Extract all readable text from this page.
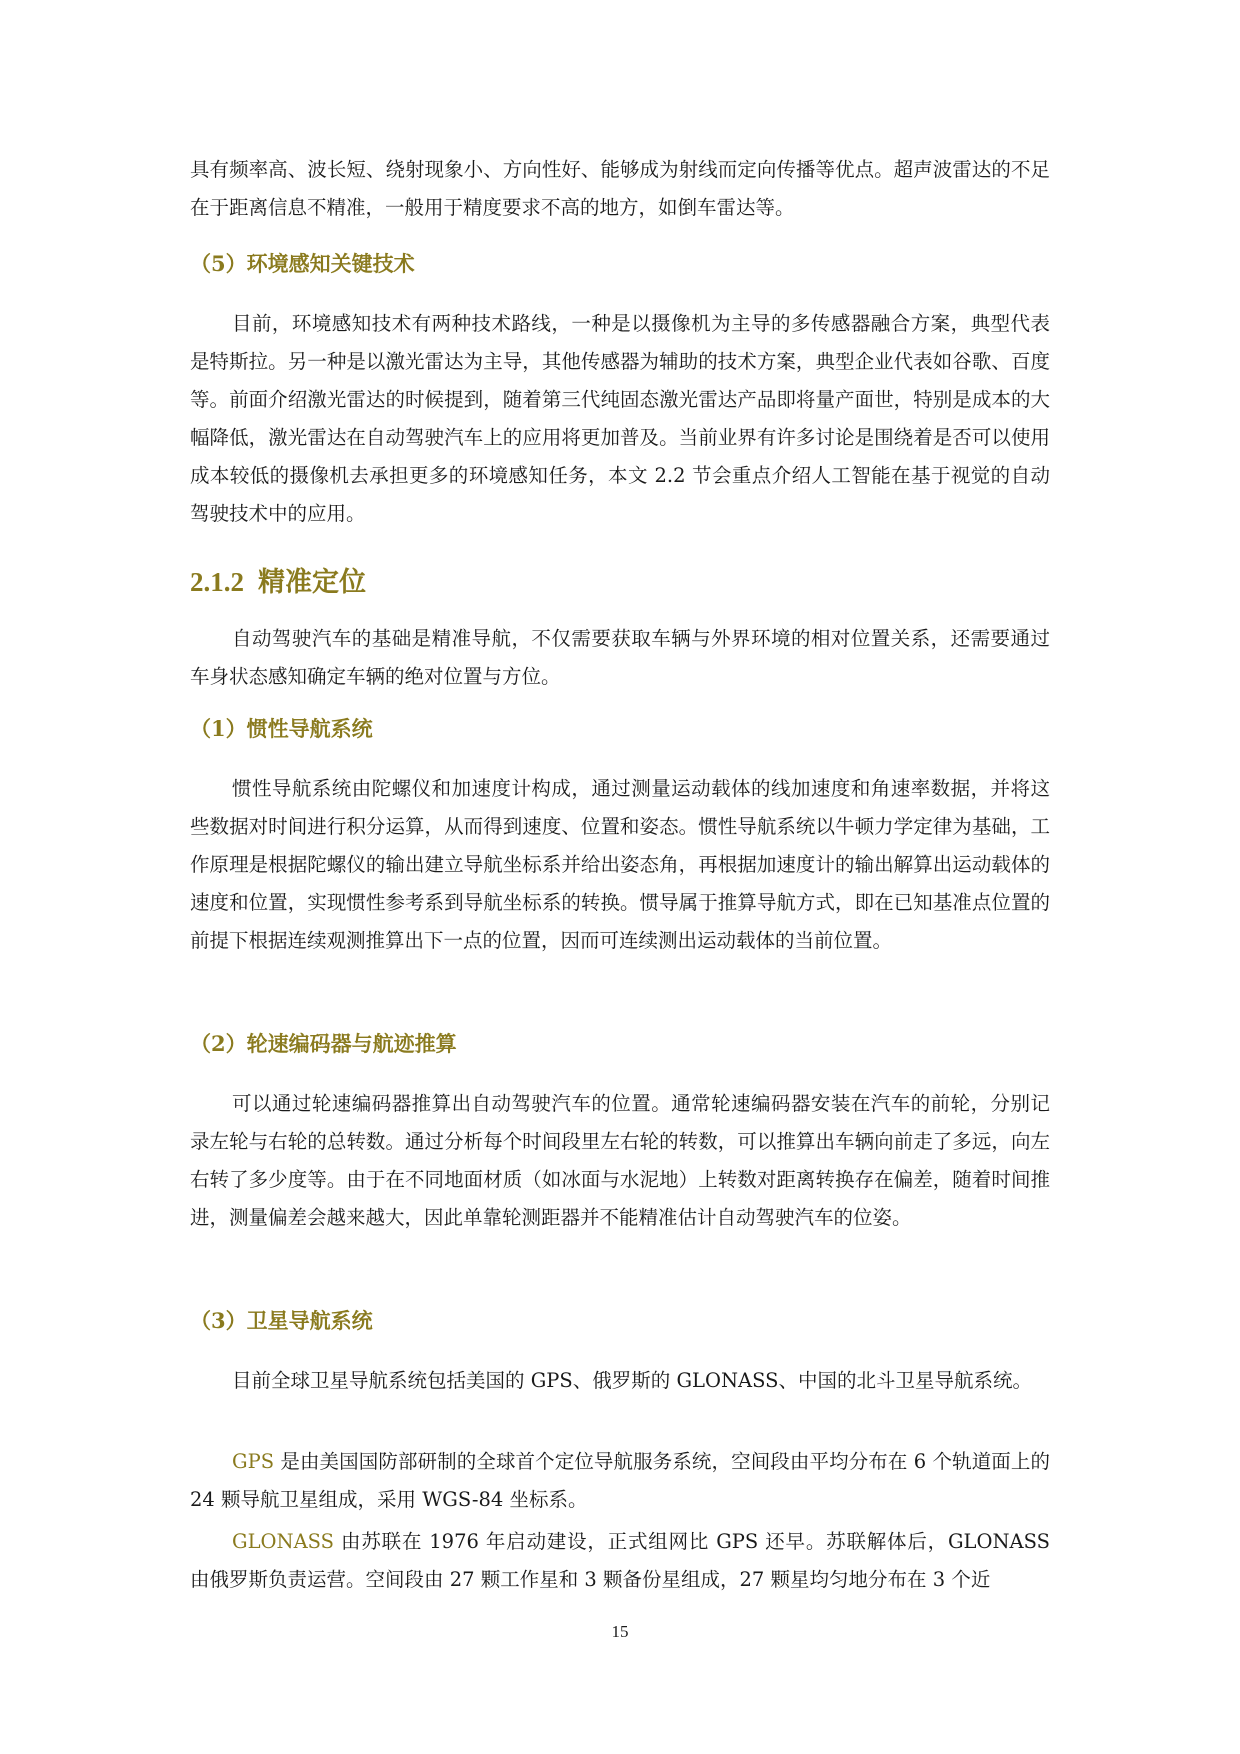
具有频率高、波长短、绕射现象小、方向性好、能够成为射线而定向传播等优点。超声波雷达的不足在于距离信息不精准，一般用于精度要求不高的地方，如倒车雷达等。

（5）环境感知关键技术

目前，环境感知技术有两种技术路线，一种是以摄像机为主导的多传感器融合方案，典型代表是特斯拉。另一种是以激光雷达为主导，其他传感器为辅助的技术方案，典型企业代表如谷歌、百度等。前面介绍激光雷达的时候提到，随着第三代纯固态激光雷达产品即将量产面世，特别是成本的大幅降低，激光雷达在自动驾驶汽车上的应用将更加普及。当前业界有许多讨论是围绕着是否可以使用成本较低的摄像机去承担更多的环境感知任务，本文 2.2 节会重点介绍人工智能在基于视觉的自动驾驶技术中的应用。

2.1.2 精准定位

自动驾驶汽车的基础是精准导航，不仅需要获取车辆与外界环境的相对位置关系，还需要通过车身状态感知确定车辆的绝对位置与方位。

（1）惯性导航系统

惯性导航系统由陀螺仪和加速度计构成，通过测量运动载体的线加速度和角速率数据，并将这些数据对时间进行积分运算，从而得到速度、位置和姿态。惯性导航系统以牛顿力学定律为基础，工作原理是根据陀螺仪的输出建立导航坐标系并给出姿态角，再根据加速度计的输出解算出运动载体的速度和位置，实现惯性参考系到导航坐标系的转换。惯导属于推算导航方式，即在已知基准点位置的前提下根据连续观测推算出下一点的位置，因而可连续测出运动载体的当前位置。

（2）轮速编码器与航迹推算

可以通过轮速编码器推算出自动驾驶汽车的位置。通常轮速编码器安装在汽车的前轮，分别记录左轮与右轮的总转数。通过分析每个时间段里左右轮的转数，可以推算出车辆向前走了多远，向左右转了多少度等。由于在不同地面材质（如冰面与水泥地）上转数对距离转换存在偏差，随着时间推进，测量偏差会越来越大，因此单靠轮测距器并不能精准估计自动驾驶汽车的位姿。

（3）卫星导航系统

目前全球卫星导航系统包括美国的 GPS、俄罗斯的 GLONASS、中国的北斗卫星导航系统。

GPS 是由美国国防部研制的全球首个定位导航服务系统，空间段由平均分布在 6 个轨道面上的 24 颗导航卫星组成，采用 WGS-84 坐标系。

GLONASS 由苏联在 1976 年启动建设，正式组网比 GPS 还早。苏联解体后，GLONASS 由俄罗斯负责运营。空间段由 27 颗工作星和 3 颗备份星组成，27 颗星均匀地分布在 3 个近

15
